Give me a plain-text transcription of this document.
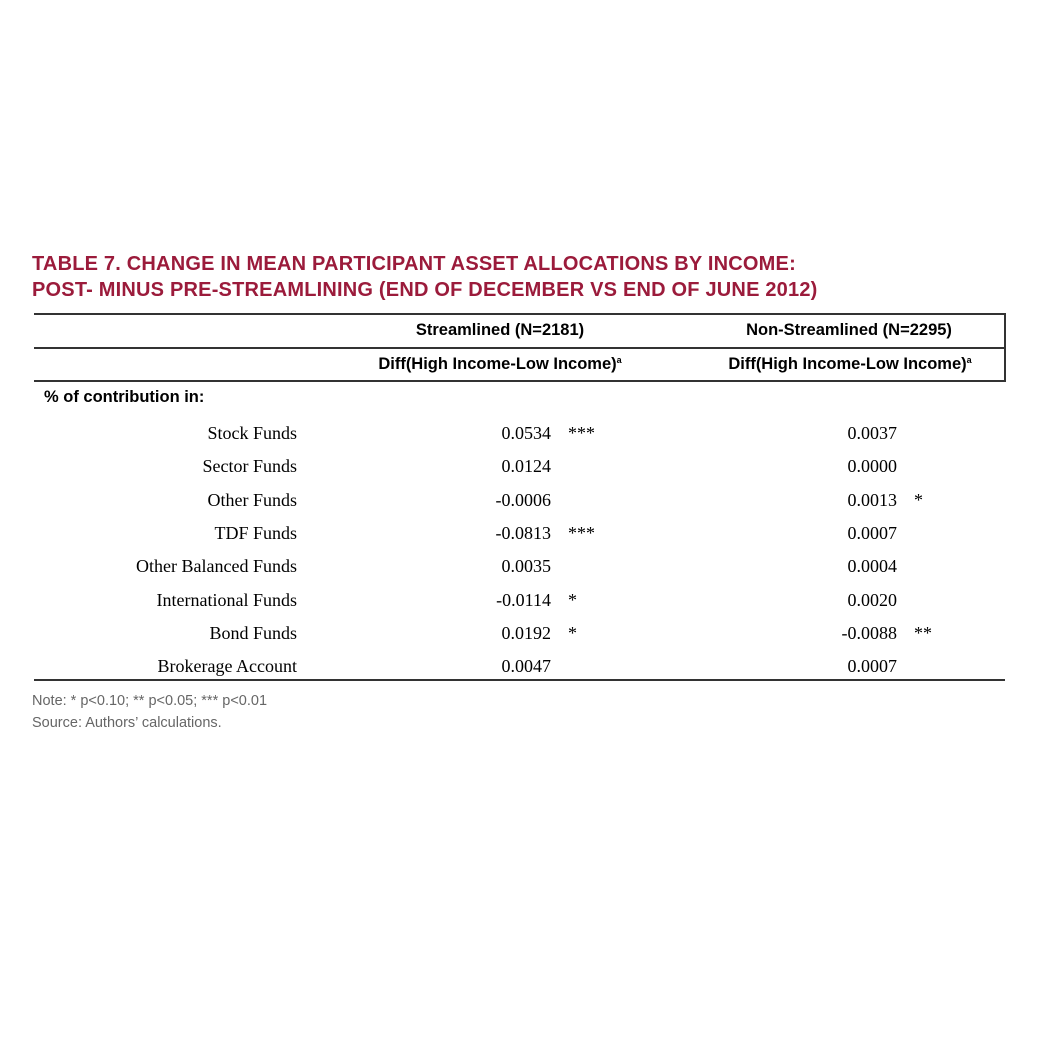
TABLE 7. CHANGE IN MEAN PARTICIPANT ASSET ALLOCATIONS BY INCOME:
POST- MINUS PRE-STREAMLINING (END OF DECEMBER VS END OF JUNE 2012)
Streamlined (N=2181)	Non-Streamlined (N=2295)
Diff(High Income-Low Income)$^a$	Diff(High Income-Low Income)$^a$
% of contribution in:
Stock Funds	0.0534 ***	0.0037
Sector Funds	0.0124	0.0000
Other Funds	-0.0006	0.0013 *
TDF Funds	-0.0813 ***	0.0007
Other Balanced Funds	0.0035	0.0004
International Funds	-0.0114 *	0.0020
Bond Funds	0.0192 *	-0.0088 **
Brokerage Account	0.0047	0.0007
Note: * p<0.10; ** p<0.05; *** p<0.01
Source: Authors’ calculations.
